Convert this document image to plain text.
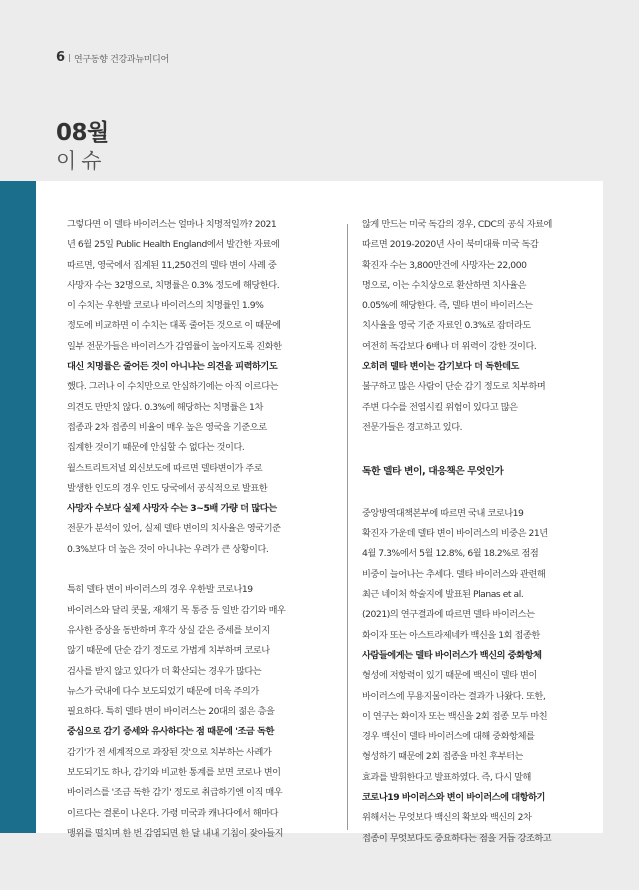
6 | 연구동향 건강과뉴미디어
08월
이슈
그렇다면 이 델타 바이러스는 얼마나 치명적일까? 2021
년 6월 25일 Public Health England에서 발간한 자료에
따르면, 영국에서 집계된 11,250건의 델타 변이 사례 중
사망자 수는 32명으로, 치명률은 0.3% 정도에 해당한다.
이 수치는 우한발 코로나 바이러스의 치명률인 1.9%
정도에 비교하면 이 수치는 대폭 줄어든 것으로 이 때문에
일부 전문가들은 바이러스가 감염률이 높아지도록 진화한
대신 치명률은 줄어든 것이 아니냐는 의견을 피력하기도
했다. 그러나 이 수치만으로 안심하기에는 아직 이르다는
의견도 만만치 않다. 0.3%에 해당하는 치명률은 1차
접종과 2차 접종의 비율이 매우 높은 영국을 기준으로
집계한 것이기 때문에 안심할 수 없다는 것이다.
월스트리트저널 외신보도에 따르면 델타변이가 주로
발생한 인도의 경우 인도 당국에서 공식적으로 발표한
사망자 수보다 실제 사망자 수는 3~5배 가량 더 많다는
전문가 분석이 있어, 실제 델타 변이의 치사율은 영국기준
0.3%보다 더 높은 것이 아니냐는 우려가 큰 상황이다.
특히 델타 변이 바이러스의 경우 우한발 코로나19
바이러스와 달리 콧물, 재채기 목 통증 등 일반 감기와 매우
유사한 증상을 동반하며 후각 상실 같은 증세를 보이지
않기 때문에 단순 감기 정도로 가볍게 치부하며 코로나
검사를 받지 않고 있다가 더 확산되는 경우가 많다는
뉴스가 국내에 다수 보도되었기 때문에 더욱 주의가
필요하다. 특히 델타 변이 바이러스는 20대의 젊은 층을
중심으로 감기 증세와 유사하다는 점 때문에 '조금 독한
감기'가 전 세계적으로 과장된 것'으로 치부하는 사례가
보도되기도 하나, 감기와 비교한 통계를 보면 코로나 변이
바이러스를 '조금 독한 감기' 정도로 취급하기엔 이직 매우
이르다는 결론이 나온다. 가령 미국과 캐나다에서 해마다
맹위를 떨치며 한 번 감염되면 한 달 내내 기침이 잦아들지
않게 만드는 미국 독감의 경우, CDC의 공식 자료에
따르면 2019-2020년 사이 북미대륙 미국 독감
확진자 수는 3,800만건에 사망자는 22,000
명으로, 이는 수치상으로 환산하면 치사율은
0.05%에 해당한다. 즉, 델타 변이 바이러스는
치사율을 영국 기준 자료인 0.3%로 잡더라도
여전히 독감보다 6배나 더 위력이 강한 것이다.
오히려 델타 변이는 감기보다 더 독한데도
불구하고 많은 사람이 단순 감기 정도로 치부하며
주변 다수를 전염시킬 위험이 있다고 많은
전문가들은 경고하고 있다.
독한 델타 변이, 대응책은 무엇인가
중앙방역대책본부에 따르면 국내 코로나19
확진자 가운데 델타 변이 바이러스의 비중은 21년
4월 7.3%에서 5월 12.8%, 6월 18.2%로 점점
비중이 늘어나는 추세다. 델타 바이러스와 관련해
최근 네이처 학술지에 발표된 Planas et al.
(2021)의 연구결과에 따르면 델타 바이러스는
화이자 또는 아스트라제네카 백신을 1회 접종한
사람들에게는 델타 바이러스가 백신의 중화항체
형성에 저항력이 있기 때문에 백신이 델타 변이
바이러스에 무용지물이라는 결과가 나왔다. 또한,
이 연구는 화이자 또는 백신을 2회 접종 모두 마친
경우 백신이 델타 바이러스에 대해 중화항체를
형성하기 때문에 2회 접종을 마친 후부터는
효과를 발휘한다고 발표하였다. 즉, 다시 말해
코로나19 바이러스와 변이 바이러스에 대항하기
위해서는 무엇보다 백신의 확보와 백신의 2차
접종이 무엇보다도 중요하다는 점을 거듭 강조하고
